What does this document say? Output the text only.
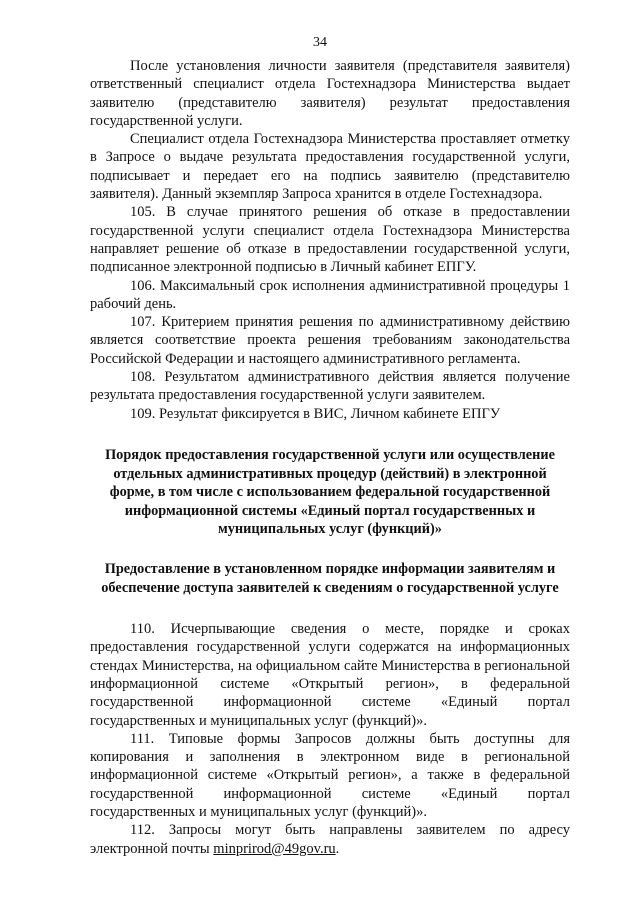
34

После установления личности заявителя (представителя заявителя) ответственный специалист отдела Гостехнадзора Министерства выдает заявителю (представителю заявителя) результат предоставления государственной услуги.

Специалист отдела Гостехнадзора Министерства проставляет отметку в Запросе о выдаче результата предоставления государственной услуги, подписывает и передает его на подпись заявителю (представителю заявителя). Данный экземпляр Запроса хранится в отделе Гостехнадзора.

105. В случае принятого решения об отказе в предоставлении государственной услуги специалист отдела Гостехнадзора Министерства направляет решение об отказе в предоставлении государственной услуги, подписанное электронной подписью в Личный кабинет ЕПГУ.

106. Максимальный срок исполнения административной процедуры 1 рабочий день.

107. Критерием принятия решения по административному действию является соответствие проекта решения требованиям законодательства Российской Федерации и настоящего административного регламента.

108. Результатом административного действия является получение результата предоставления государственной услуги заявителем.

109. Результат фиксируется в ВИС, Личном кабинете ЕПГУ

Порядок предоставления государственной услуги или осуществление отдельных административных процедур (действий) в электронной форме, в том числе с использованием федеральной государственной информационной системы «Единый портал государственных и муниципальных услуг (функций)»

Предоставление в установленном порядке информации заявителям и обеспечение доступа заявителей к сведениям о государственной услуге

110. Исчерпывающие сведения о месте, порядке и сроках предоставления государственной услуги содержатся на информационных стендах Министерства, на официальном сайте Министерства в региональной информационной системе «Открытый регион», в федеральной государственной информационной системе «Единый портал государственных и муниципальных услуг (функций)».

111. Типовые формы Запросов должны быть доступны для копирования и заполнения в электронном виде в региональной информационной системе «Открытый регион», а также в федеральной государственной информационной системе «Единый портал государственных и муниципальных услуг (функций)».

112. Запросы могут быть направлены заявителем по адресу электронной почты minprirod@49gov.ru.
